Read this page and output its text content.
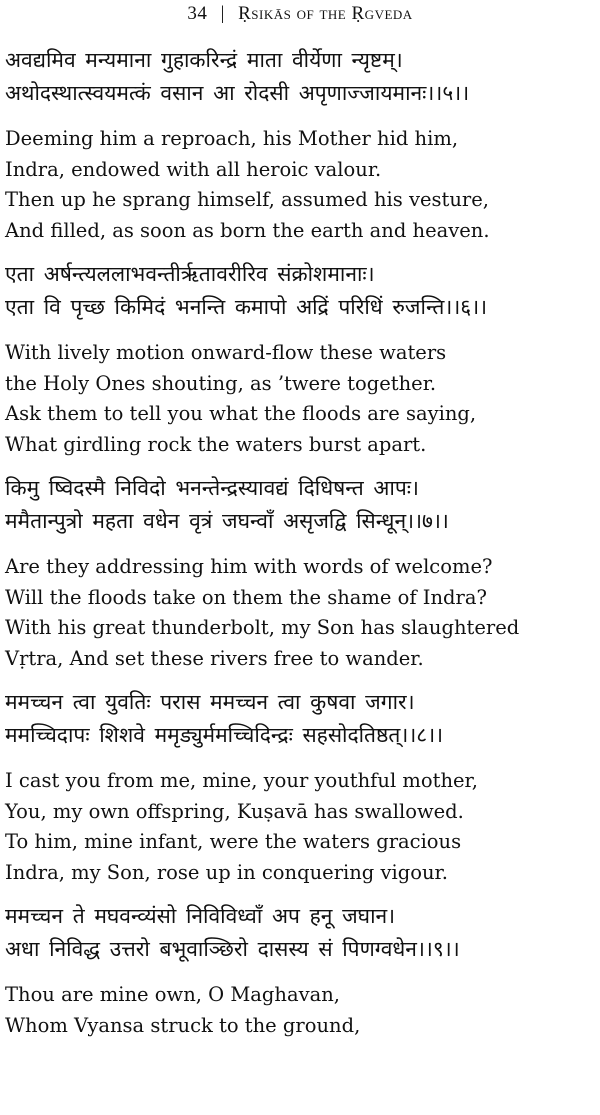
34 | Ṛsikās of the Ṛgveda
अवद्यमिव मन्यमाना गुहाकरिन्द्रं माता वीर्येणा न्यृष्टम्।
अथोदस्थात्स्वयमत्कं वसान आ रोदसी अपृणाज्जायमानः।।५।।
Deeming him a reproach, his Mother hid him,
Indra, endowed with all heroic valour.
Then up he sprang himself, assumed his vesture,
And filled, as soon as born the earth and heaven.
एता अर्षन्त्यललाभवन्तीर्ऋतावरीरिव संक्रोशमानाः।
एता वि पृच्छ किमिदं भनन्ति कमापो अद्रिं परिधिं रुजन्ति।।६।।
With lively motion onward-flow these waters
the Holy Ones shouting, as ’twere together.
Ask them to tell you what the floods are saying,
What girdling rock the waters burst apart.
किमु ष्विदस्मै निविदो भनन्तेन्द्रस्यावद्यं दिधिषन्त आपः।
ममैतान्पुत्रो महता वधेन वृत्रं जघन्वाँ असृजद्वि सिन्धून्।।७।।
Are they addressing him with words of welcome?
Will the floods take on them the shame of Indra?
With his great thunderbolt, my Son has slaughtered
Vṛtra, And set these rivers free to wander.
ममच्चन त्वा युवतिः परास ममच्चन त्वा कुषवा जगार।
ममच्चिदापः शिशवे ममृड्युर्ममच्चिदिन्द्रः सहसोदतिष्ठत्।।८।।
I cast you from me, mine, your youthful mother,
You, my own offspring, Kuṣavā has swallowed.
To him, mine infant, were the waters gracious
Indra, my Son, rose up in conquering vigour.
ममच्चन ते मघवन्व्यंसो निविविध्वाँ अप हनू जघान।
अधा निविद्ध उत्तरो बभूवाञ्छिरो दासस्य सं पिणग्वधेन।।९।।
Thou are mine own, O Maghavan,
Whom Vyansa struck to the ground,
